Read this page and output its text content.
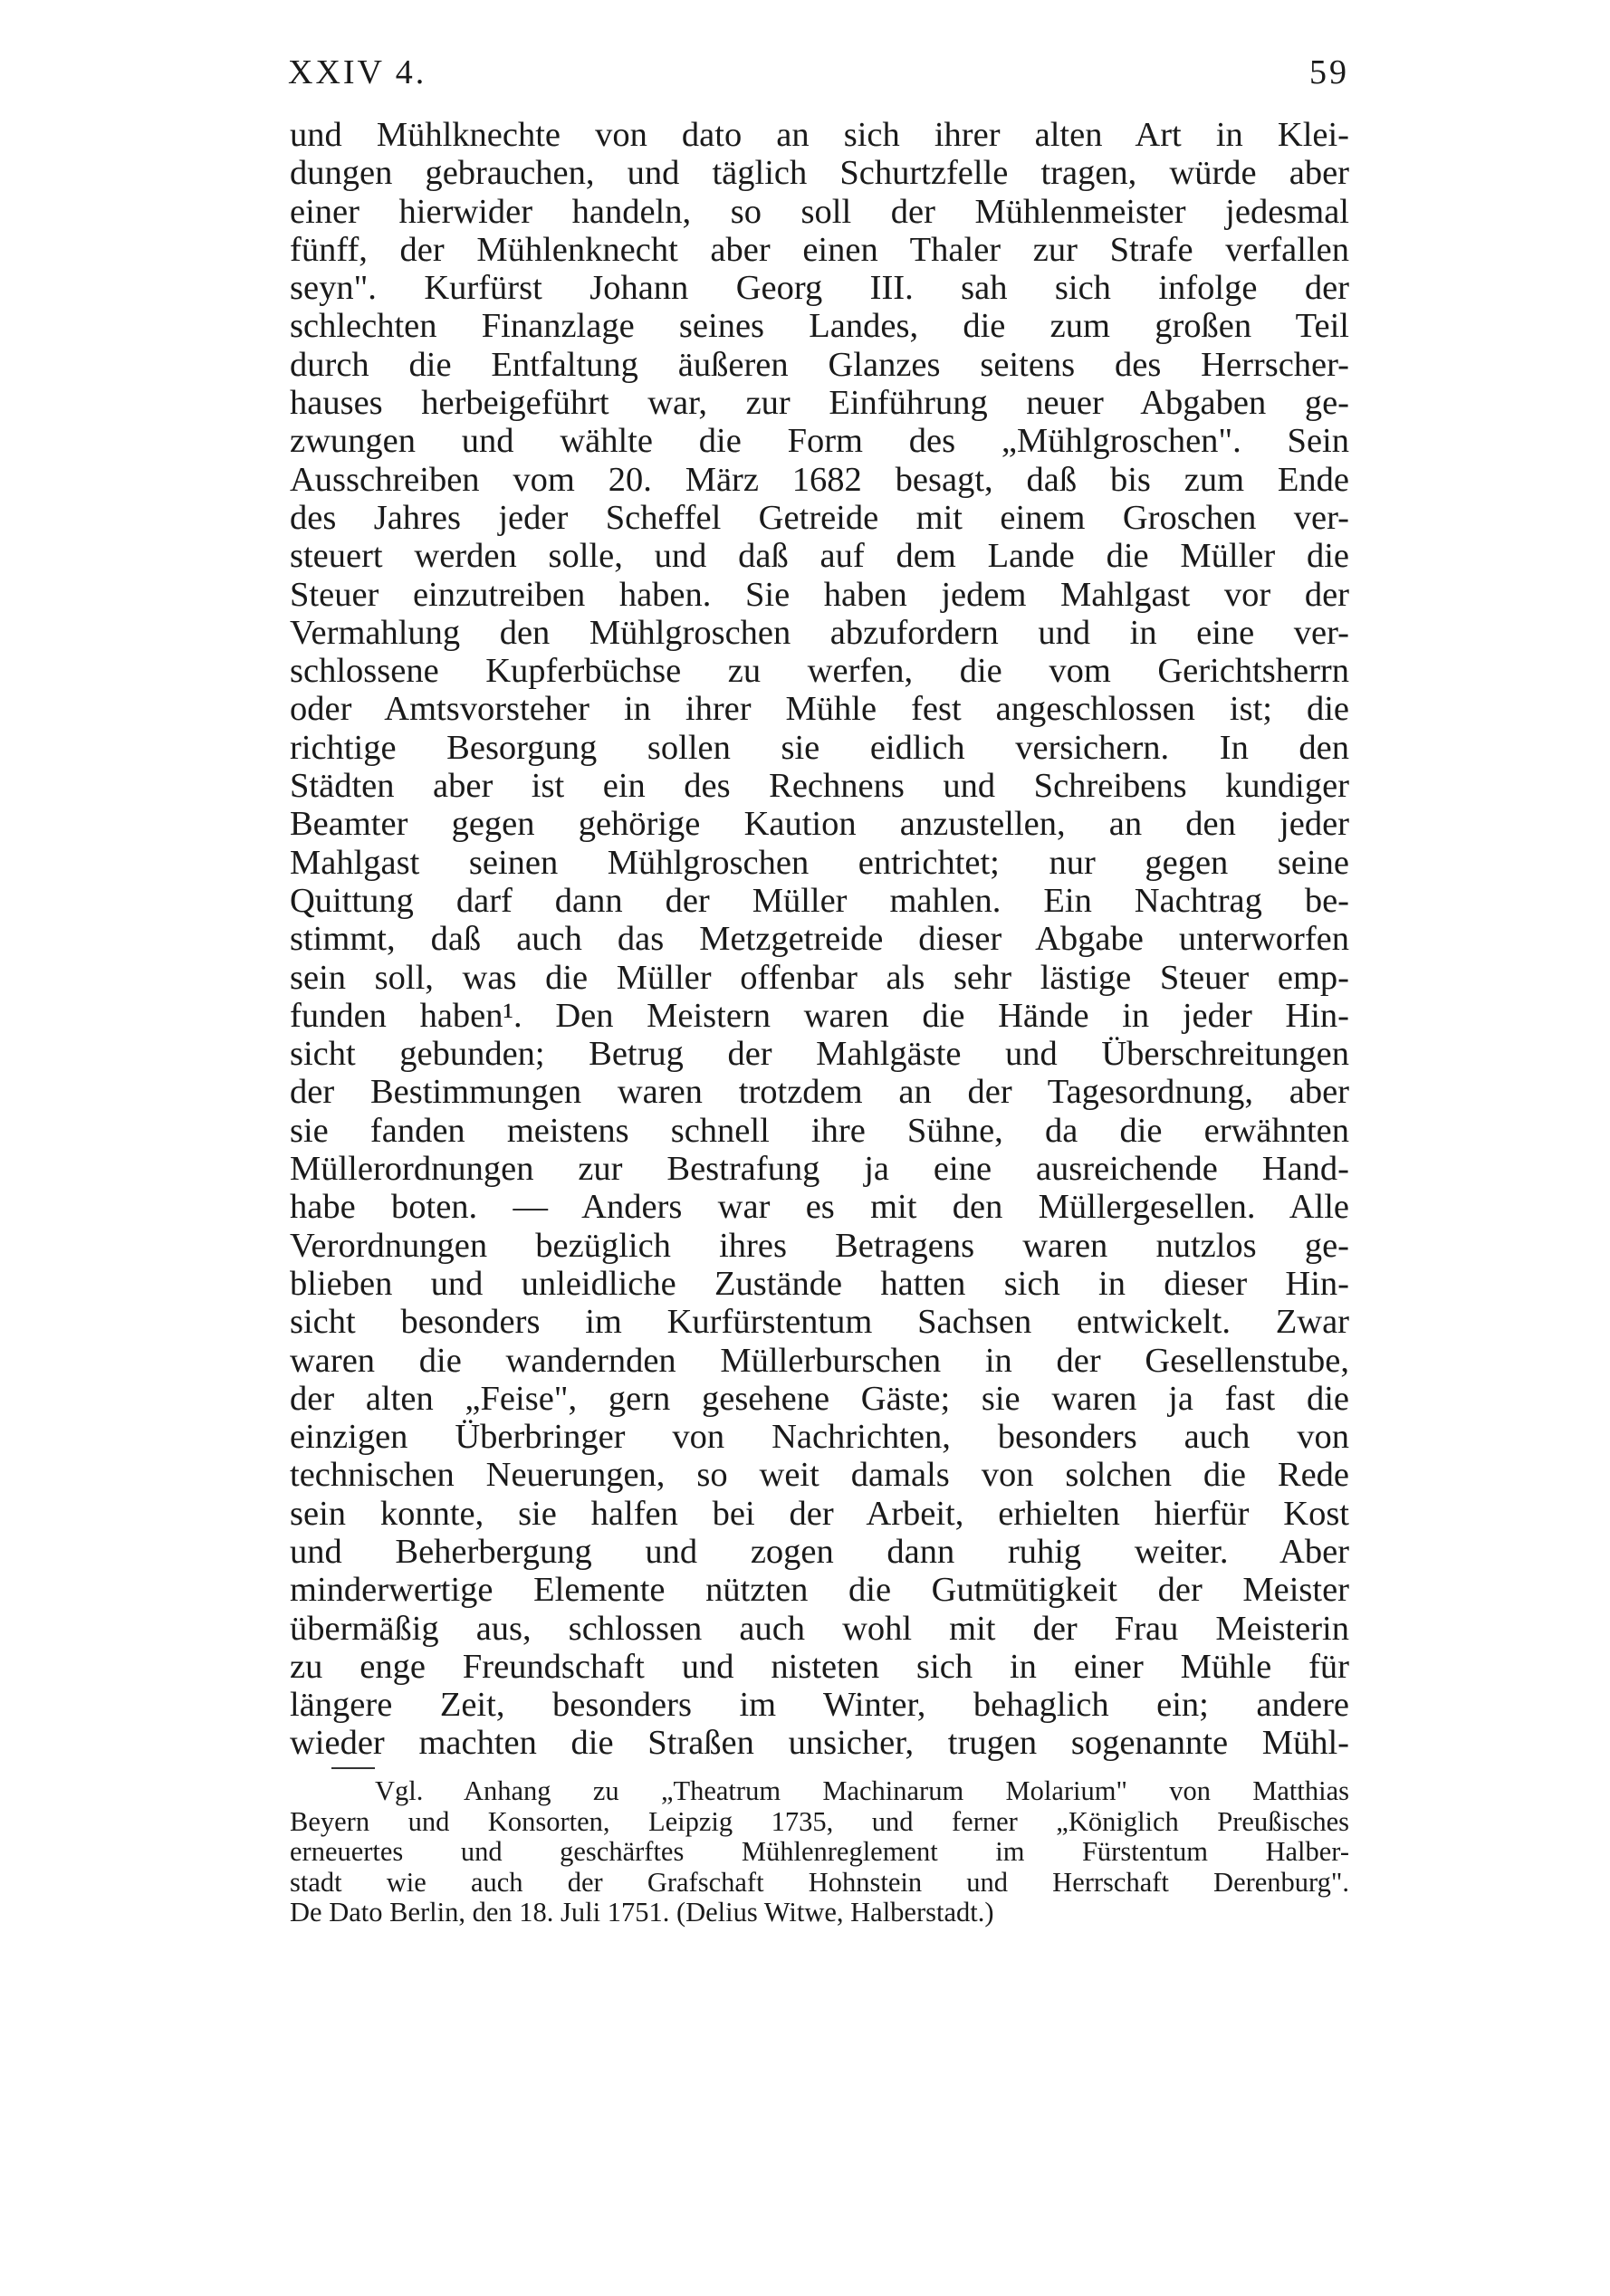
XXIV 4.	59
und Mühlknechte von dato an sich ihrer alten Art in Klei-
dungen gebrauchen, und täglich Schurtzfelle tragen, würde aber
einer hierwider handeln, so soll der Mühlenmeister jedesmal
fünff, der Mühlenknecht aber einen Thaler zur Strafe verfallen
seyn". Kurfürst Johann Georg III. sah sich infolge der
schlechten Finanzlage seines Landes, die zum großen Teil
durch die Entfaltung äußeren Glanzes seitens des Herrscher-
hauses herbeigeführt war, zur Einführung neuer Abgaben ge-
zwungen und wählte die Form des „Mühlgroschen". Sein
Ausschreiben vom 20. März 1682 besagt, daß bis zum Ende
des Jahres jeder Scheffel Getreide mit einem Groschen ver-
steuert werden solle, und daß auf dem Lande die Müller die
Steuer einzutreiben haben. Sie haben jedem Mahlgast vor der
Vermahlung den Mühlgroschen abzufordern und in eine ver-
schlossene Kupferbüchse zu werfen, die vom Gerichtsherrn
oder Amtsvorsteher in ihrer Mühle fest angeschlossen ist; die
richtige Besorgung sollen sie eidlich versichern. In den
Städten aber ist ein des Rechnens und Schreibens kundiger
Beamter gegen gehörige Kaution anzustellen, an den jeder
Mahlgast seinen Mühlgroschen entrichtet; nur gegen seine
Quittung darf dann der Müller mahlen. Ein Nachtrag be-
stimmt, daß auch das Metzgetreide dieser Abgabe unterworfen
sein soll, was die Müller offenbar als sehr lästige Steuer emp-
funden haben¹. Den Meistern waren die Hände in jeder Hin-
sicht gebunden; Betrug der Mahlgäste und Überschreitungen
der Bestimmungen waren trotzdem an der Tagesordnung, aber
sie fanden meistens schnell ihre Sühne, da die erwähnten
Müllerordnungen zur Bestrafung ja eine ausreichende Hand-
habe boten. — Anders war es mit den Müllergesellen. Alle
Verordnungen bezüglich ihres Betragens waren nutzlos ge-
blieben und unleidliche Zustände hatten sich in dieser Hin-
sicht besonders im Kurfürstentum Sachsen entwickelt. Zwar
waren die wandernden Müllerburschen in der Gesellenstube,
der alten „Feise", gern gesehene Gäste; sie waren ja fast die
einzigen Überbringer von Nachrichten, besonders auch von
technischen Neuerungen, so weit damals von solchen die Rede
sein konnte, sie halfen bei der Arbeit, erhielten hierfür Kost
und Beherbergung und zogen dann ruhig weiter. Aber
minderwertige Elemente nützten die Gutmütigkeit der Meister
übermäßig aus, schlossen auch wohl mit der Frau Meisterin
zu enge Freundschaft und nisteten sich in einer Mühle für
längere Zeit, besonders im Winter, behaglich ein; andere
wieder machten die Straßen unsicher, trugen sogenannte Mühl-
Vgl. Anhang zu „Theatrum Machinarum Molarium" von Matthias
Beyern und Konsorten, Leipzig 1735, und ferner „Königlich Preußisches
erneuertes und geschärftes Mühlenreglement im Fürstentum Halber-
stadt wie auch der Grafschaft Hohnstein und Herrschaft Derenburg".
De Dato Berlin, den 18. Juli 1751. (Delius Witwe, Halberstadt.)
